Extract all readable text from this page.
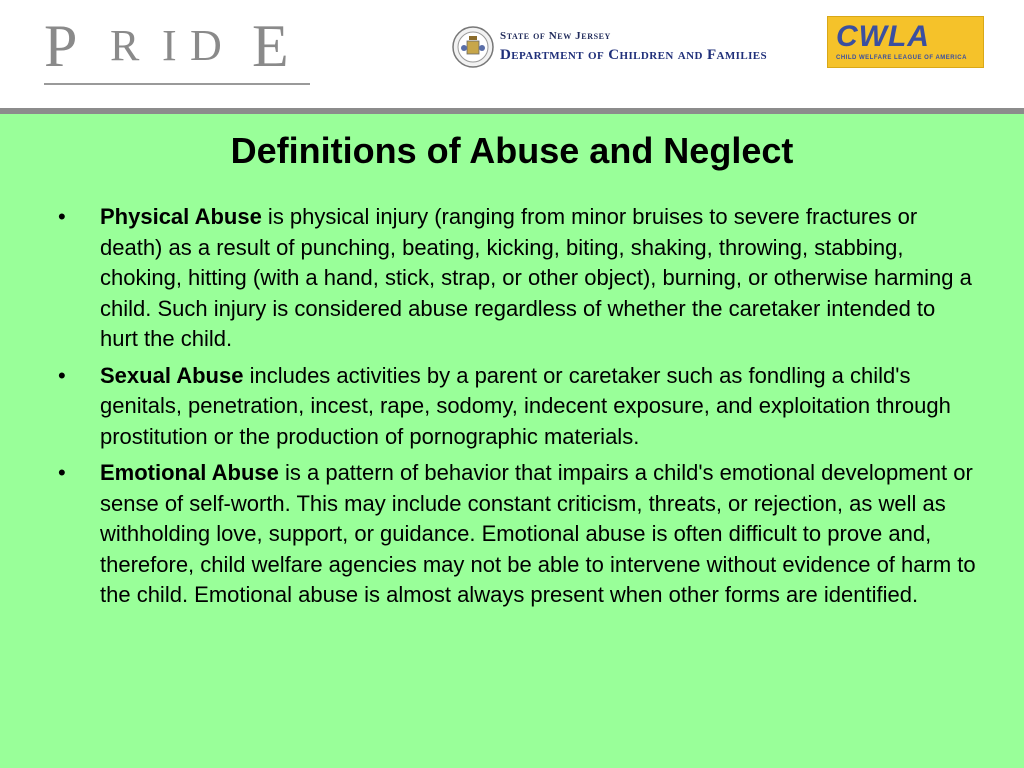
P R I D E	State of New Jersey
Department of Children and Families
CWLA
CHILD WELFARE LEAGUE OF AMERICA
Definitions of Abuse and Neglect
• Physical Abuse is physical injury (ranging from minor bruises to severe fractures or death) as a result of punching, beating, kicking, biting, shaking, throwing, stabbing, choking, hitting (with a hand, stick, strap, or other object), burning, or otherwise harming a child. Such injury is considered abuse regardless of whether the caretaker intended to hurt the child.
• Sexual Abuse includes activities by a parent or caretaker such as fondling a child's genitals, penetration, incest, rape, sodomy, indecent exposure, and exploitation through prostitution or the production of pornographic materials.
• Emotional Abuse is a pattern of behavior that impairs a child's emotional development or sense of self-worth. This may include constant criticism, threats, or rejection, as well as withholding love, support, or guidance. Emotional abuse is often difficult to prove and, therefore, child welfare agencies may not be able to intervene without evidence of harm to the child. Emotional abuse is almost always present when other forms are identified.
